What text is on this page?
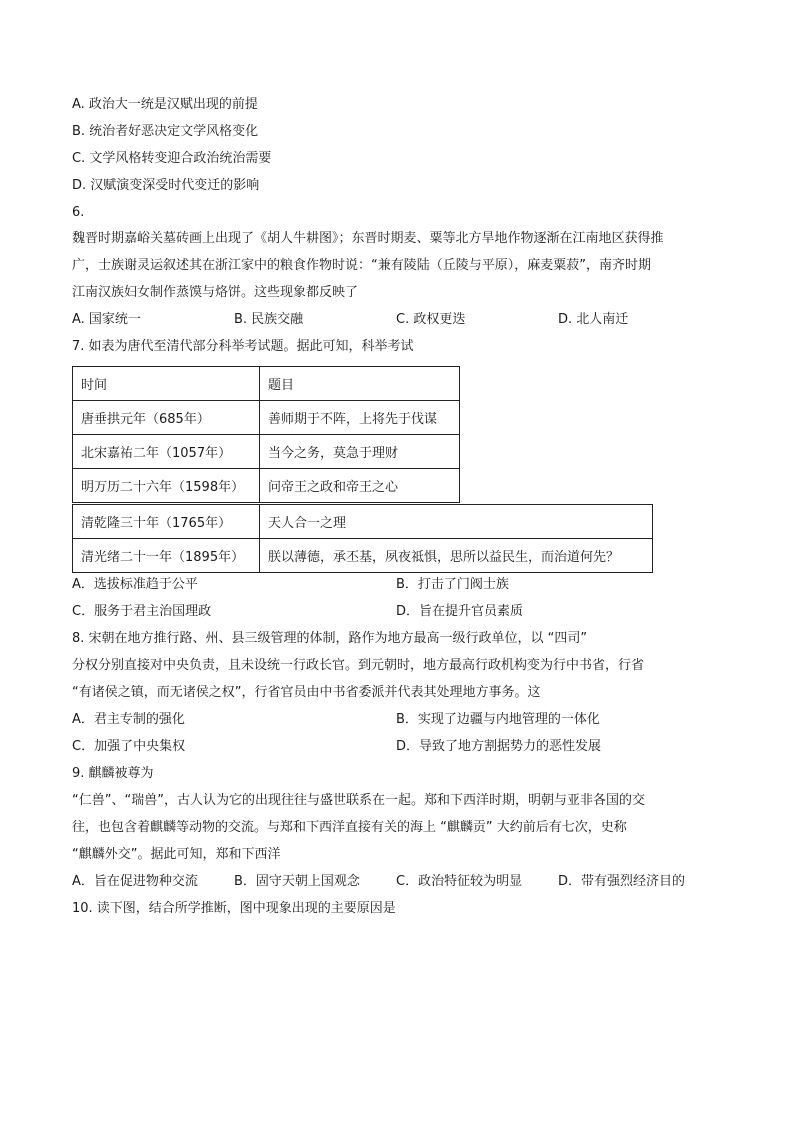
A. 政治大一统是汉赋出现的前提
B. 统治者好恶决定文学风格变化
C. 文学风格转变迎合政治统治需要
D. 汉赋演变深受时代变迁的影响
6.
魏晋时期嘉峪关墓砖画上出现了《胡人牛耕图》；东晋时期麦、粟等北方旱地作物逐渐在江南地区获得推
广，士族谢灵运叙述其在浙江家中的粮食作物时说：“兼有陵陆（丘陵与平原），麻麦粟菽”，南齐时期
江南汉族妇女制作蒸馍与烙饼。这些现象都反映了
A. 国家统一	B. 民族交融	C. 政权更迭	D. 北人南迁
7. 如表为唐代至清代部分科举考试题。据此可知，科举考试
时间	题目
唐垂拱元年（685年）	善师期于不阵，上将先于伐谋
北宋嘉祐二年（1057年）	当今之务，莫急于理财
明万历二十六年（1598年）	问帝王之政和帝王之心
清乾隆三十年（1765年）	天人合一之理
清光绪二十一年（1895年）	朕以薄德，承丕基，夙夜祗惧，思所以益民生，而治道何先？
A．选拔标准趋于公平	B．打击了门阀士族
C．服务于君主治国理政	D．旨在提升官员素质
8. 宋朝在地方推行路、州、县三级管理的体制，路作为地方最高一级行政单位，以 “四司”
分权分别直接对中央负责，且未设统一行政长官。到元朝时，地方最高行政机构变为行中书省，行省
“有诸侯之镇，而无诸侯之权”，行省官员由中书省委派并代表其处理地方事务。这
A．君主专制的强化	B．实现了边疆与内地管理的一体化
C．加强了中央集权	D．导致了地方割据势力的恶性发展
9. 麒麟被尊为
“仁兽”、“瑞兽”，古人认为它的出现往往与盛世联系在一起。郑和下西洋时期，明朝与亚非各国的交
往，也包含着麒麟等动物的交流。与郑和下西洋直接有关的海上 “麒麟贡” 大约前后有七次，史称
“麒麟外交”。据此可知，郑和下西洋
A．旨在促进物种交流	B．固守天朝上国观念	C．政治特征较为明显	D．带有强烈经济目的
10. 读下图，结合所学推断，图中现象出现的主要原因是
